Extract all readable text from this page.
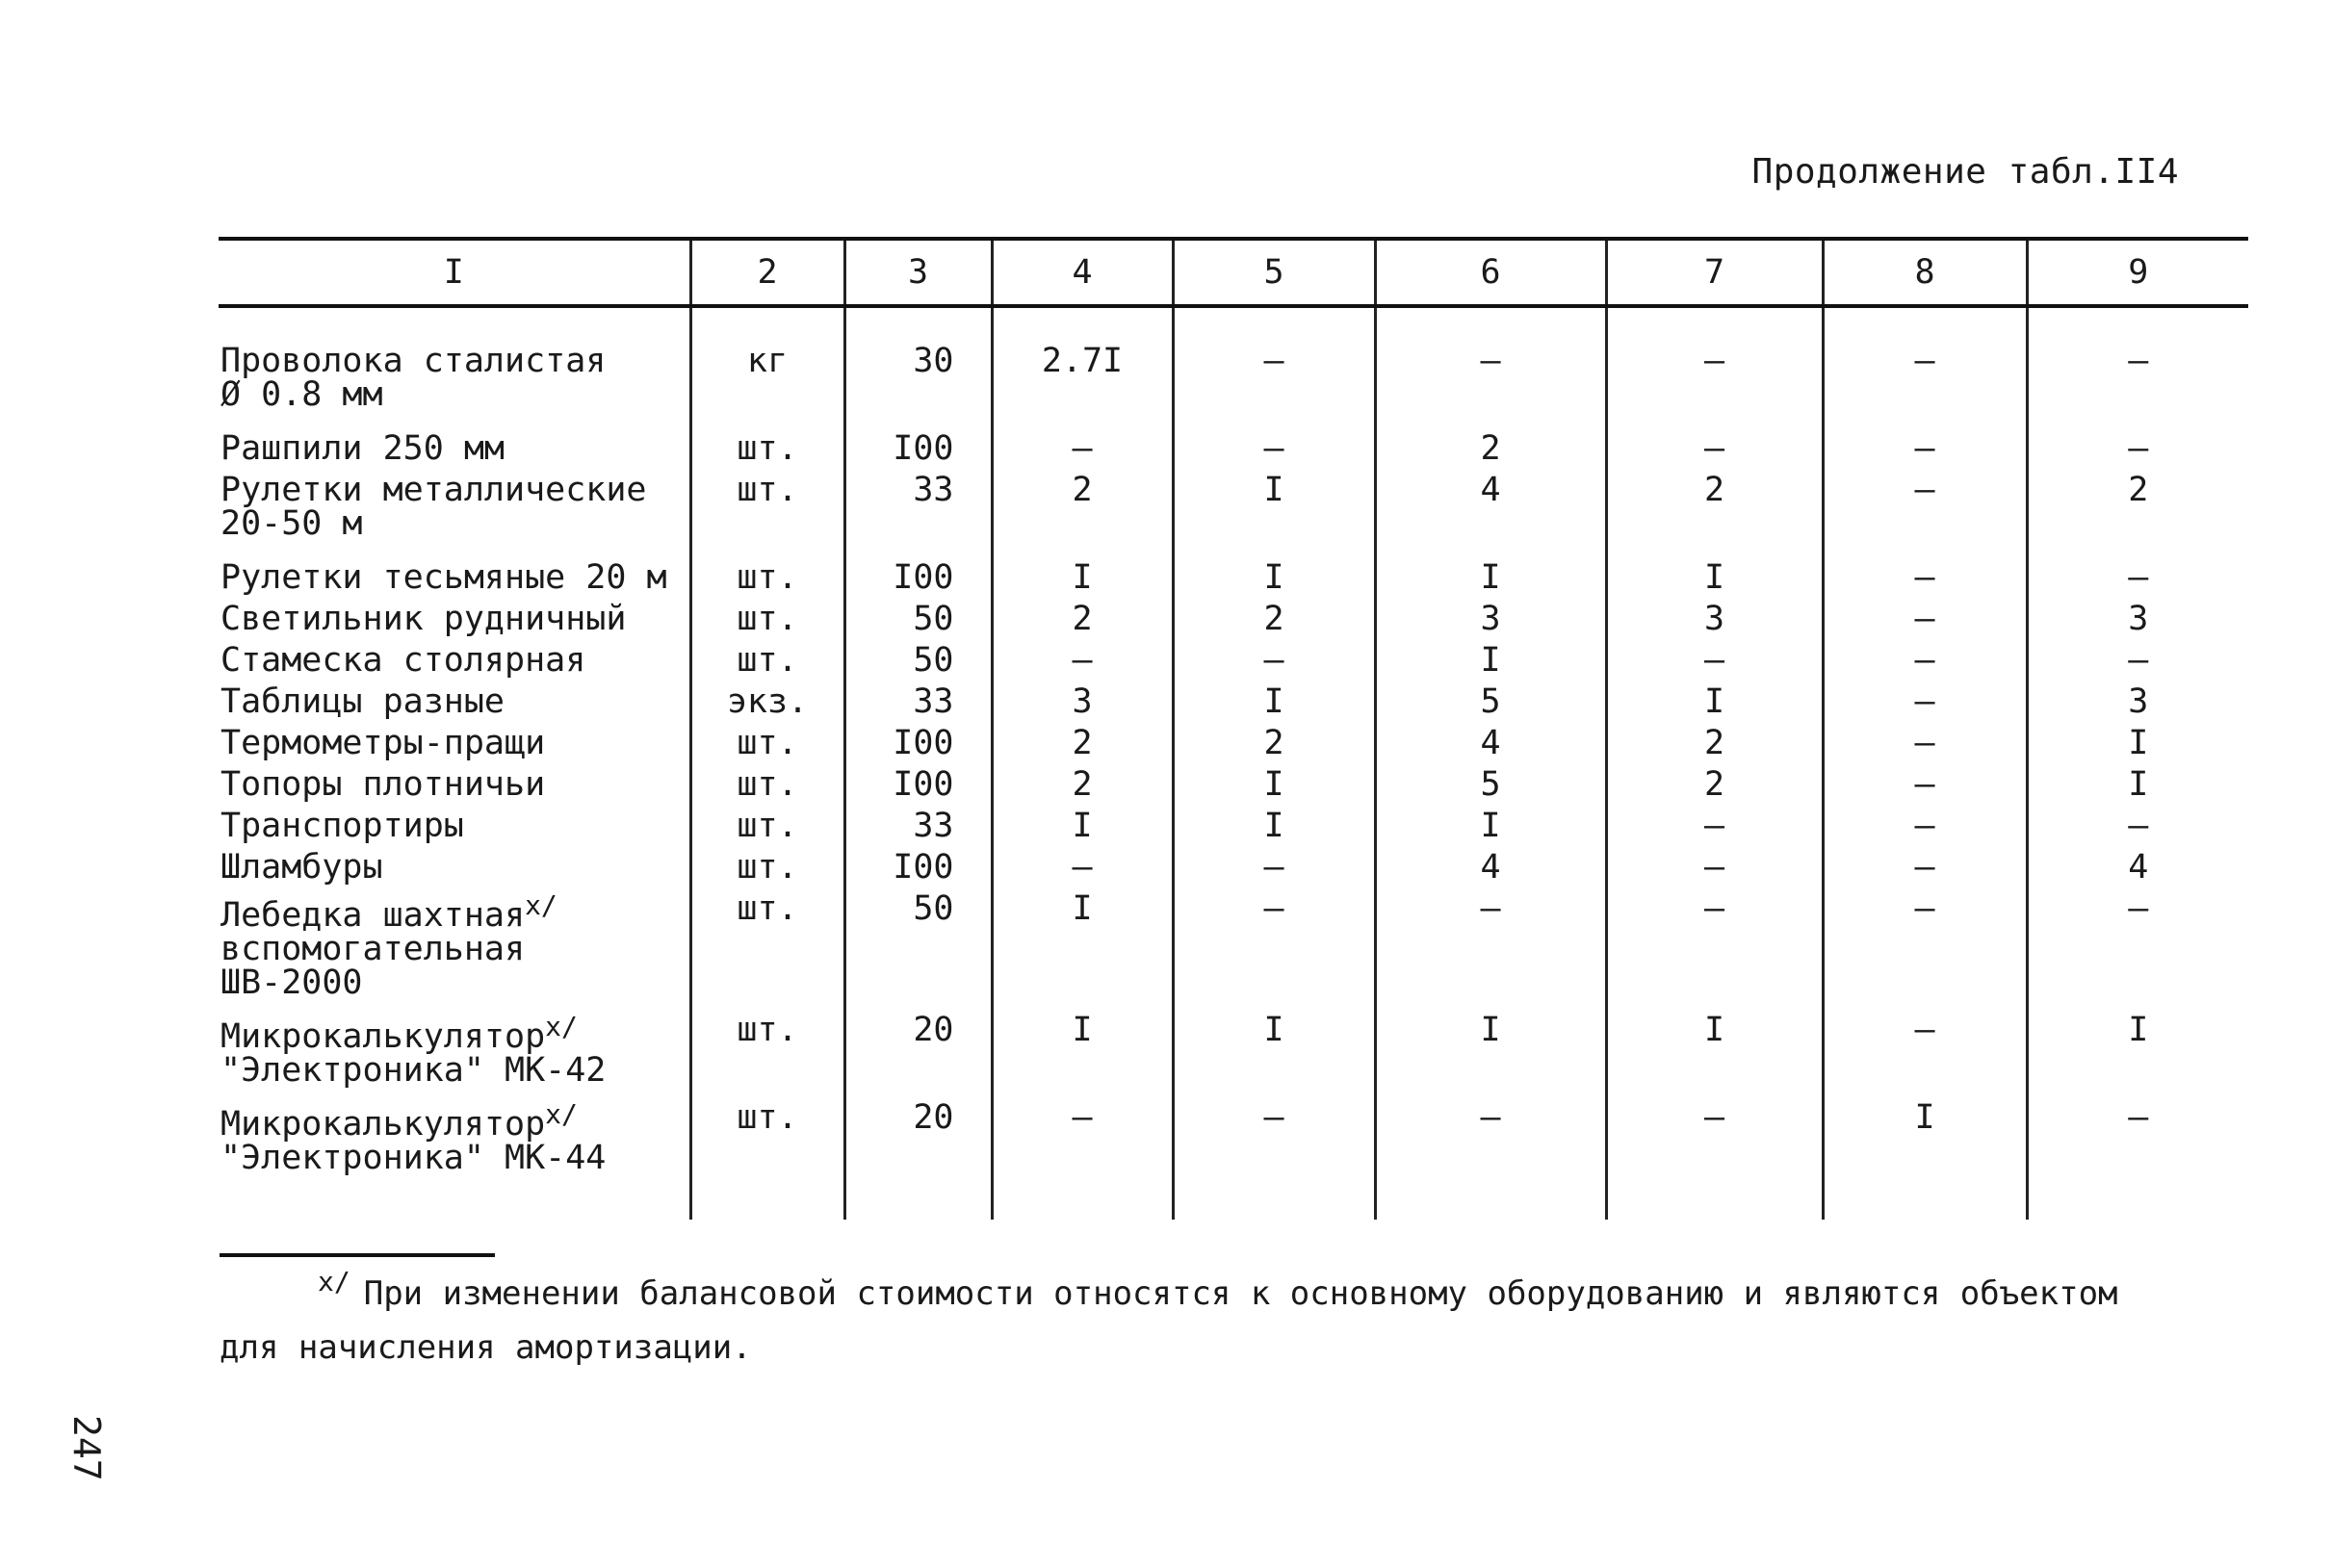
Продолжение табл.II4
I	2	3	4	5	6	7	8	9

Проволока сталистая
Ø 0.8 мм	кг	30	2.7I	–	–	–	–	–

Рашпили 250 мм	шт.	I00	–	–	2	–	–	–

Рулетки металлические
20-50 м	шт.	33	2	I	4	2	–	2

Рулетки тесьмяные 20 м	шт.	I00	I	I	I	I	–	–

Светильник рудничный	шт.	50	2	2	3	3	–	3

Стамеска столярная	шт.	50	–	–	I	–	–	–

Таблицы разные	экз.	33	3	I	5	I	–	3

Термометры-пращи	шт.	I00	2	2	4	2	–	I

Топоры плотничьи	шт.	I00	2	I	5	2	–	I

Транспортиры	шт.	33	I	I	I	–	–	–

Шламбуры	шт.	I00	–	–	4	–	–	4

Лебедка шахтная$^{x/}$
вспомогательная
ШВ-2000	шт.	50	I	–	–	–	–	–

Микрокалькулятор$^{x/}$
"Электроника" МК-42	шт.	20	I	I	I	I	–	I

Микрокалькулятор$^{x/}$
"Электроника" МК-44	шт.	20	–	–	–	–	I	–
x/ При изменении балансовой стоимости относятся к основному оборудованию и являются объектом для начисления амортизации.
247
